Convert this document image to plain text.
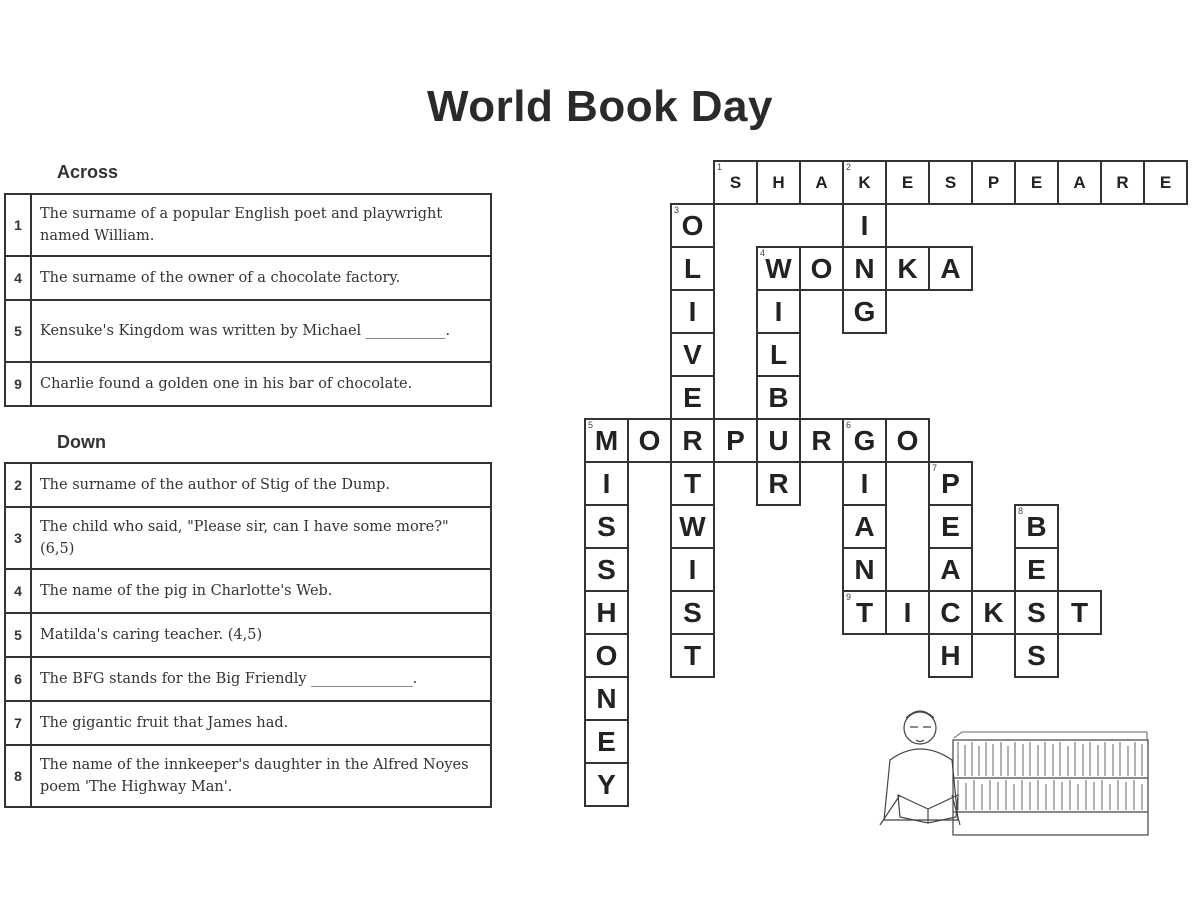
World Book Day
Across
1	The surname of a popular English poet and playwright named William.
4	The surname of the owner of a chocolate factory.
5	Kensuke's Kingdom was written by Michael ___________.
9	Charlie found a golden one in his bar of chocolate.
Down
2	The surname of the author of Stig of the Dump.
3	The child who said, "Please sir, can I have some more?" (6,5)
4	The name of the pig in Charlotte's Web.
5	Matilda's caring teacher. (4,5)
6	The BFG stands for the Big Friendly ______________.
7	The gigantic fruit that James had.
8	The name of the innkeeper's daughter in the Alfred Noyes poem 'The Highway Man'.
S
1
H A K
2
E S P E A R E
I
N
G
O
3
L
I
V
E
R
T
W
I
S
T
W
4 O K A
I
L
B
U
R
M
5 O P R G
6 O
I
S
S
H
O
N
E
Y
I
A
N
T
9
P
7
E
A
C
H
B
8
E
S
S
I	K T
